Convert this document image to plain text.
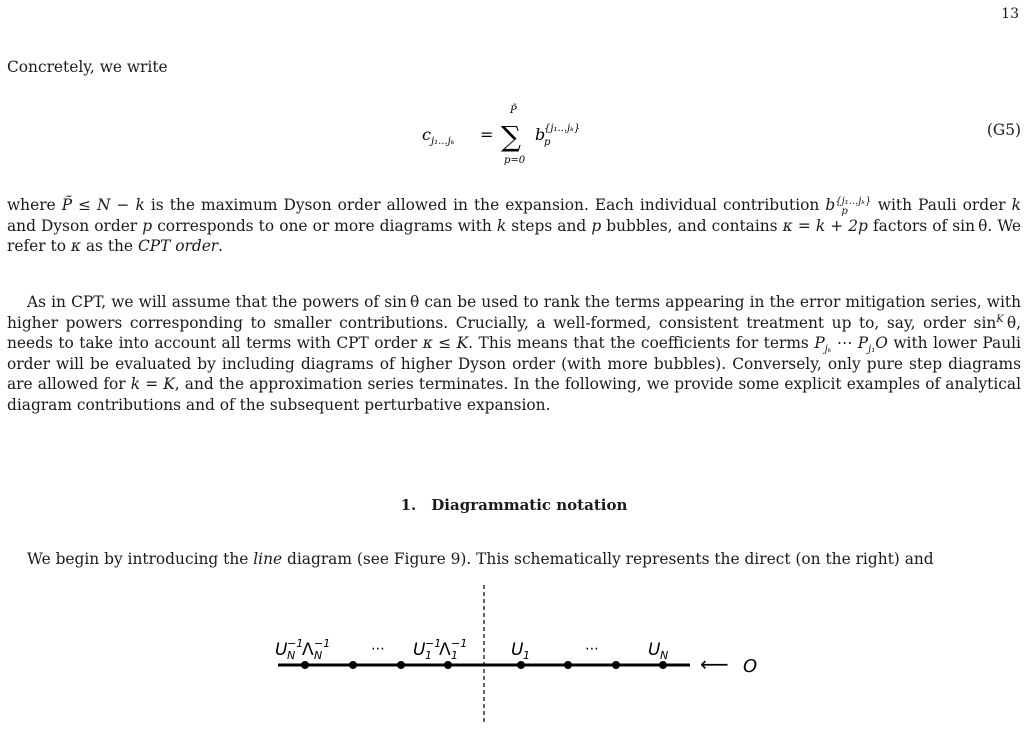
13
Concretely, we write
c j₁...jₖ =
P̃
∑
p=0
b
p
{j₁...jₖ}	(G5)
where P̃ ≤ N − k is the maximum Dyson order allowed in the expansion. Each individual contribution $b^{\{j_1...j_k\}}_p$ with Pauli order k and Dyson order p corresponds to one or more diagrams with k steps and p bubbles, and contains κ = k + 2p factors of sin θ. We refer to κ as the CPT order.
As in CPT, we will assume that the powers of sin θ can be used to rank the terms appearing in the error mitigation series, with higher powers corresponding to smaller contributions. Crucially, a well-formed, consistent treatment up to, say, order $\sin^K \theta$, needs to take into account all terms with CPT order κ ≤ K. This means that the coefficients for terms $P_{j_k}$ ⋯ $P_{j_1}O$ with lower Pauli order will be evaluated by including diagrams of higher Dyson order (with more bubbles). Conversely, only pure step diagrams are allowed for k = K, and the approximation series terminates. In the following, we provide some explicit examples of analytical diagram contributions and of the subsequent perturbative expansion.
1. Diagrammatic notation
We begin by introducing the line diagram (see Figure 9). This schematically represents the direct (on the right) and
U	⋯ U	U	⋯	U
N
−1
Λ N
−1
1
−1
Λ 1
−1
1	N ⟵ O
